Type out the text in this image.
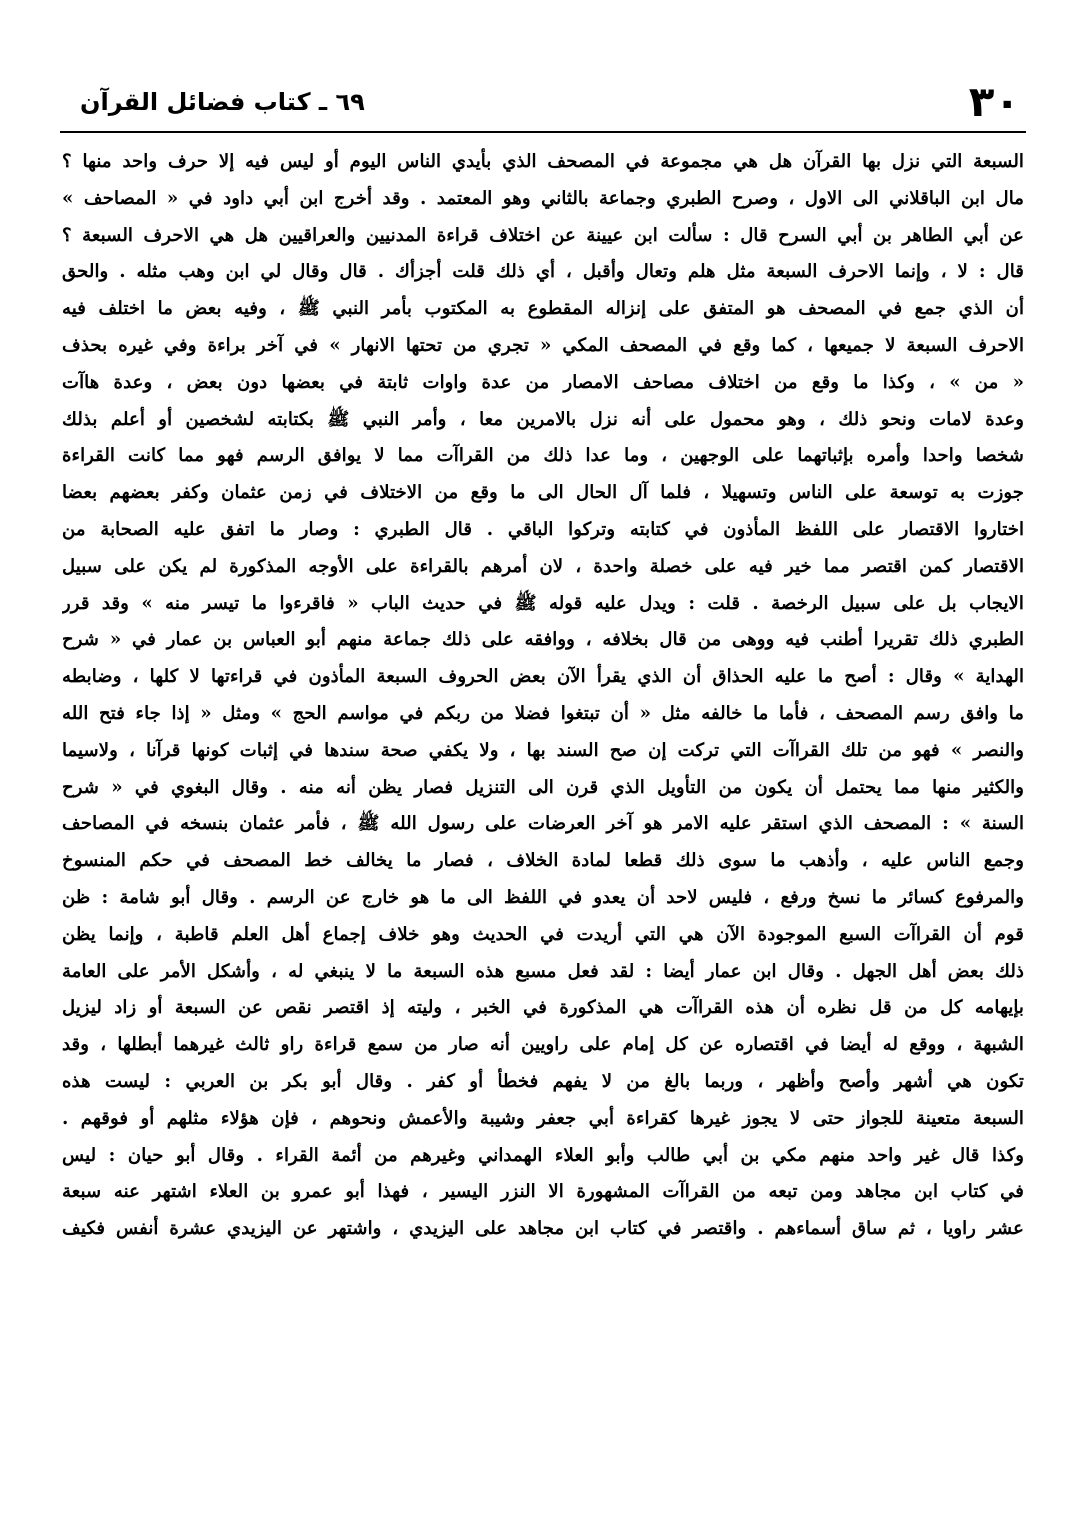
٣٠
٦٩ ـ كتاب فضائل القرآن
السبعة التي نزل بها القرآن هل هي مجموعة في المصحف الذي بأيدي الناس اليوم أو ليس فيه إلا حرف واحد منها ؟
مال ابن الباقلاني الى الاول ، وصرح الطبري وجماعة بالثاني وهو المعتمد . وقد أخرج ابن أبي داود في « المصاحف »
عن أبي الطاهر بن أبي السرح قال : سألت ابن عيينة عن اختلاف قراءة المدنيين والعراقيين هل هي الاحرف السبعة ؟
قال : لا ، وإنما الاحرف السبعة مثل هلم وتعال وأقبل ، أي ذلك قلت أجزأك . قال وقال لي ابن وهب مثله . والحق
أن الذي جمع في المصحف هو المتفق على إنزاله المقطوع به المكتوب بأمر النبي ﷺ ، وفيه بعض ما اختلف فيه
الاحرف السبعة لا جميعها ، كما وقع في المصحف المكي « تجري من تحتها الانهار » في آخر براءة وفي غيره بحذف
« من » ، وكذا ما وقع من اختلاف مصاحف الامصار من عدة واوات ثابتة في بعضها دون بعض ، وعدة هاآت
وعدة لامات ونحو ذلك ، وهو محمول على أنه نزل بالامرين معا ، وأمر النبي ﷺ بكتابته لشخصين أو أعلم بذلك
شخصا واحدا وأمره بإثباتهما على الوجهين ، وما عدا ذلك من القراآت مما لا يوافق الرسم فهو مما كانت القراءة
جوزت به توسعة على الناس وتسهيلا ، فلما آل الحال الى ما وقع من الاختلاف في زمن عثمان وكفر بعضهم بعضا
اختاروا الاقتصار على اللفظ المأذون في كتابته وتركوا الباقي . قال الطبري : وصار ما اتفق عليه الصحابة من
الاقتصار كمن اقتصر مما خير فيه على خصلة واحدة ، لان أمرهم بالقراءة على الأوجه المذكورة لم يكن على سبيل
الايجاب بل على سبيل الرخصة . قلت : ويدل عليه قوله ﷺ في حديث الباب « فاقرءوا ما تيسر منه » وقد قرر
الطبري ذلك تقريرا أطنب فيه ووهى من قال بخلافه ، ووافقه على ذلك جماعة منهم أبو العباس بن عمار في « شرح
الهداية » وقال : أصح ما عليه الحذاق أن الذي يقرأ الآن بعض الحروف السبعة المأذون في قراءتها لا كلها ، وضابطه
ما وافق رسم المصحف ، فأما ما خالفه مثل « أن تبتغوا فضلا من ربكم في مواسم الحج » ومثل « إذا جاء فتح الله
والنصر » فهو من تلك القراآت التي تركت إن صح السند بها ، ولا يكفي صحة سندها في إثبات كونها قرآنا ، ولاسيما
والكثير منها مما يحتمل أن يكون من التأويل الذي قرن الى التنزيل فصار يظن أنه منه . وقال البغوي في « شرح
السنة » : المصحف الذي استقر عليه الامر هو آخر العرضات على رسول الله ﷺ ، فأمر عثمان بنسخه في المصاحف
وجمع الناس عليه ، وأذهب ما سوى ذلك قطعا لمادة الخلاف ، فصار ما يخالف خط المصحف في حكم المنسوخ
والمرفوع كسائر ما نسخ ورفع ، فليس لاحد أن يعدو في اللفظ الى ما هو خارج عن الرسم . وقال أبو شامة : ظن
قوم أن القراآت السبع الموجودة الآن هي التي أريدت في الحديث وهو خلاف إجماع أهل العلم قاطبة ، وإنما يظن
ذلك بعض أهل الجهل . وقال ابن عمار أيضا : لقد فعل مسبع هذه السبعة ما لا ينبغي له ، وأشكل الأمر على العامة
بإيهامه كل من قل نظره أن هذه القراآت هي المذكورة في الخبر ، وليته إذ اقتصر نقص عن السبعة أو زاد ليزيل
الشبهة ، ووقع له أيضا في اقتصاره عن كل إمام على راويين أنه صار من سمع قراءة راو ثالث غيرهما أبطلها ، وقد
تكون هي أشهر وأصح وأظهر ، وربما بالغ من لا يفهم فخطأ أو كفر . وقال أبو بكر بن العربي : ليست هذه
السبعة متعينة للجواز حتى لا يجوز غيرها كقراءة أبي جعفر وشيبة والأعمش ونحوهم ، فإن هؤلاء مثلهم أو فوقهم .
وكذا قال غير واحد منهم مكي بن أبي طالب وأبو العلاء الهمداني وغيرهم من أئمة القراء . وقال أبو حيان : ليس
في كتاب ابن مجاهد ومن تبعه من القراآت المشهورة الا النزر اليسير ، فهذا أبو عمرو بن العلاء اشتهر عنه سبعة
عشر راويا ، ثم ساق أسماءهم . واقتصر في كتاب ابن مجاهد على اليزيدي ، واشتهر عن اليزيدي عشرة أنفس فكيف
